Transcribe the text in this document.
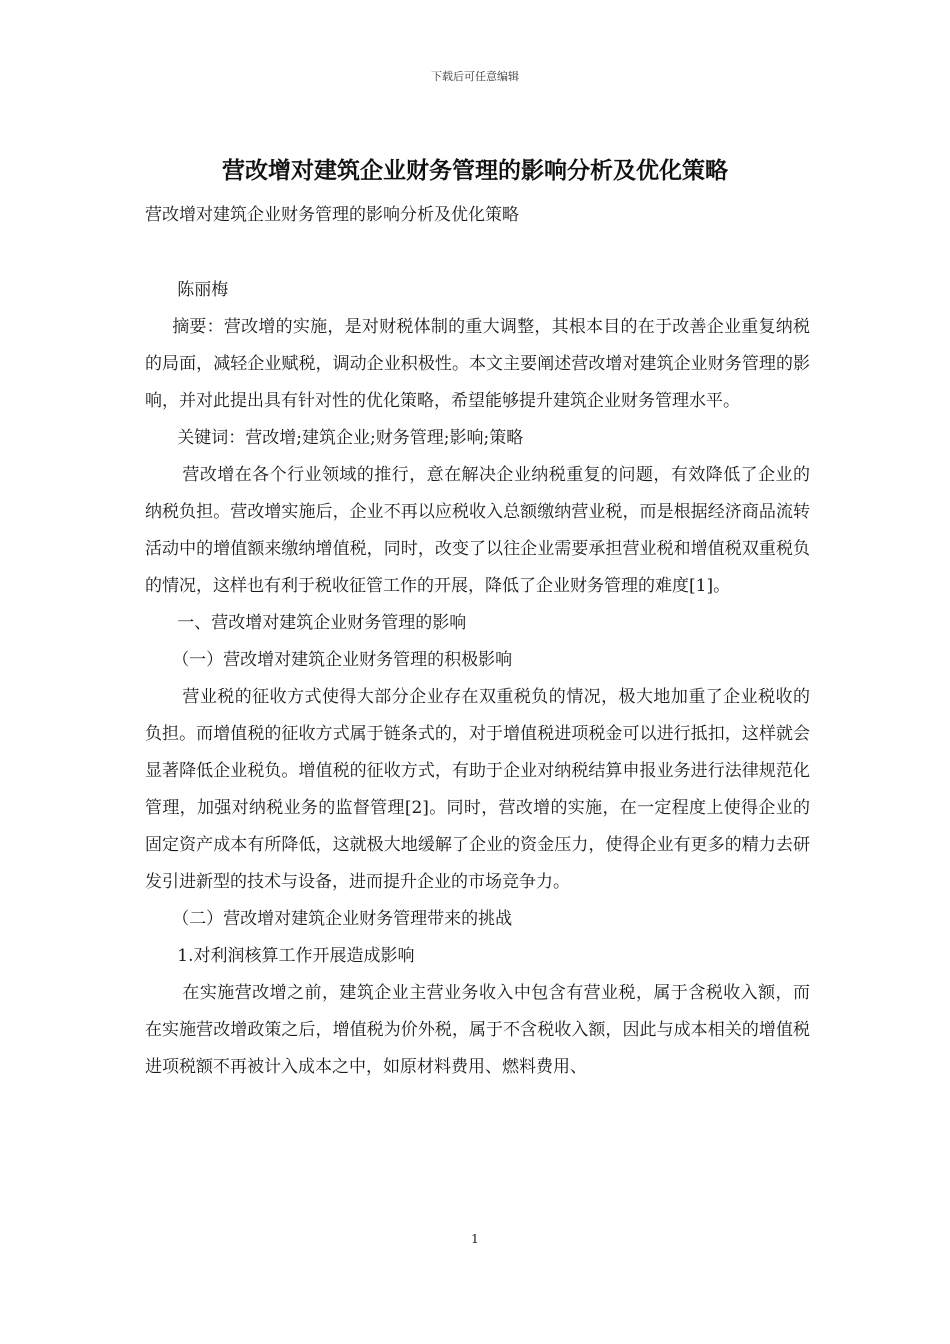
下载后可任意编辑
营改增对建筑企业财务管理的影响分析及优化策略
营改增对建筑企业财务管理的影响分析及优化策略

陈丽梅

摘要：营改增的实施，是对财税体制的重大调整，其根本目的在于改善企业重复纳税的局面，减轻企业赋税，调动企业积极性。本文主要阐述营改增对建筑企业财务管理的影响，并对此提出具有针对性的优化策略，希望能够提升建筑企业财务管理水平。

关键词：营改增;建筑企业;财务管理;影响;策略

营改增在各个行业领域的推行，意在解决企业纳税重复的问题，有效降低了企业的纳税负担。营改增实施后，企业不再以应税收入总额缴纳营业税，而是根据经济商品流转活动中的增值额来缴纳增值税，同时，改变了以往企业需要承担营业税和增值税双重税负的情况，这样也有利于税收征管工作的开展，降低了企业财务管理的难度[1]。

一、营改增对建筑企业财务管理的影响

（一）营改增对建筑企业财务管理的积极影响

营业税的征收方式使得大部分企业存在双重税负的情况，极大地加重了企业税收的负担。而增值税的征收方式属于链条式的，对于增值税进项税金可以进行抵扣，这样就会显著降低企业税负。增值税的征收方式，有助于企业对纳税结算申报业务进行法律规范化管理，加强对纳税业务的监督管理[2]。同时，营改增的实施，在一定程度上使得企业的固定资产成本有所降低，这就极大地缓解了企业的资金压力，使得企业有更多的精力去研发引进新型的技术与设备，进而提升企业的市场竞争力。

（二）营改增对建筑企业财务管理带来的挑战

1.对利润核算工作开展造成影响

在实施营改增之前，建筑企业主营业务收入中包含有营业税，属于含税收入额，而在实施营改增政策之后，增值税为价外税，属于不含税收入额，因此与成本相关的增值税进项税额不再被计入成本之中，如原材料费用、燃料费用、

1
